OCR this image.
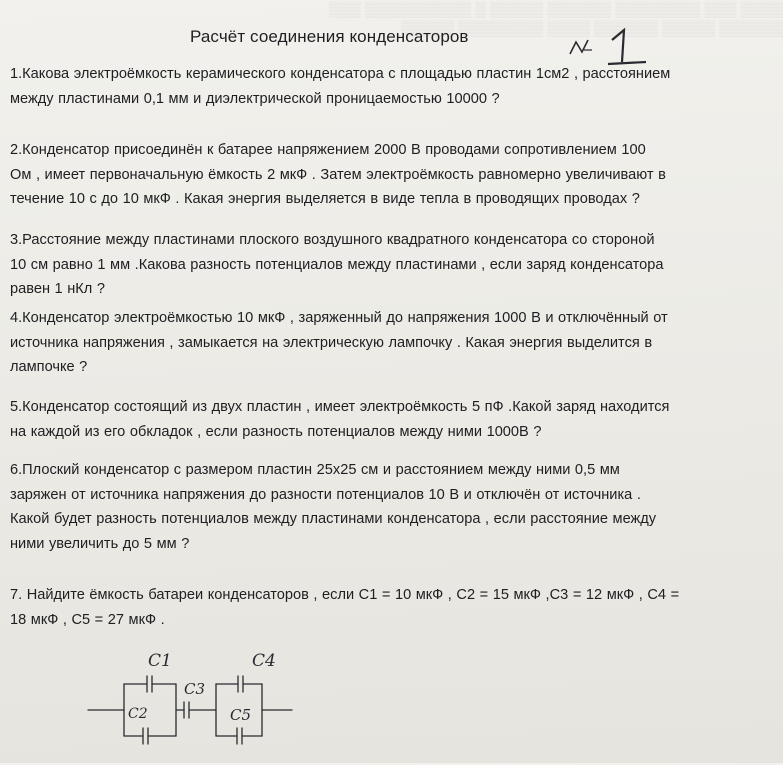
▒▒▒▒ ▒▒▒ ▒▒▒▒▒▒▒▒ ▒▒▒▒▒▒ ▒▒▒▒▒ ▒ ▒▒▒▒▒▒▒▒▒▒ ▒▒▒
▒▒▒▒▒▒ ▒▒▒▒▒ ▒▒▒▒▒▒ ▒▒▒▒ ▒▒▒▒▒▒▒▒ ▒▒▒▒▒
Расчёт соединения конденсаторов
1.Какова электроёмкость керамического конденсатора с площадью пластин 1см2 , расстоянием
между пластинами 0,1 мм и диэлектрической проницаемостью 10000 ?
2.Конденсатор присоединён к батарее напряжением 2000 В проводами сопротивлением 100
Ом , имеет первоначальную ёмкость 2 мкФ . Затем электроёмкость равномерно увеличивают в
течение 10 с до 10 мкФ . Какая энергия выделяется в виде тепла в проводящих проводах ?
3.Расстояние между пластинами плоского воздушного квадратного конденсатора со стороной
10 см равно 1 мм .Какова разность потенциалов между пластинами , если заряд конденсатора
равен 1 нКл ?
4.Конденсатор электроёмкостью 10 мкФ , заряженный до напряжения 1000 В и отключённый от
источника напряжения , замыкается на электрическую лампочку . Какая энергия выделится в
лампочке ?
5.Конденсатор состоящий из двух пластин , имеет электроёмкость 5 пФ .Какой заряд находится
на каждой из его обкладок , если разность потенциалов между ними 1000В ?
6.Плоский конденсатор с размером пластин 25x25 см и расстоянием между ними 0,5 мм
заряжен от источника напряжения до разности потенциалов 10 В и отключён от источника .
Какой будет разность потенциалов между пластинами конденсатора , если расстояние между
ними увеличить до 5 мм ?
7. Найдите ёмкость батареи конденсаторов , если C1 = 10 мкФ , C2 = 15 мкФ ,C3 = 12 мкФ , C4 =
18 мкФ , C5 = 27 мкФ .
C1
C2
C3
C4
C5
